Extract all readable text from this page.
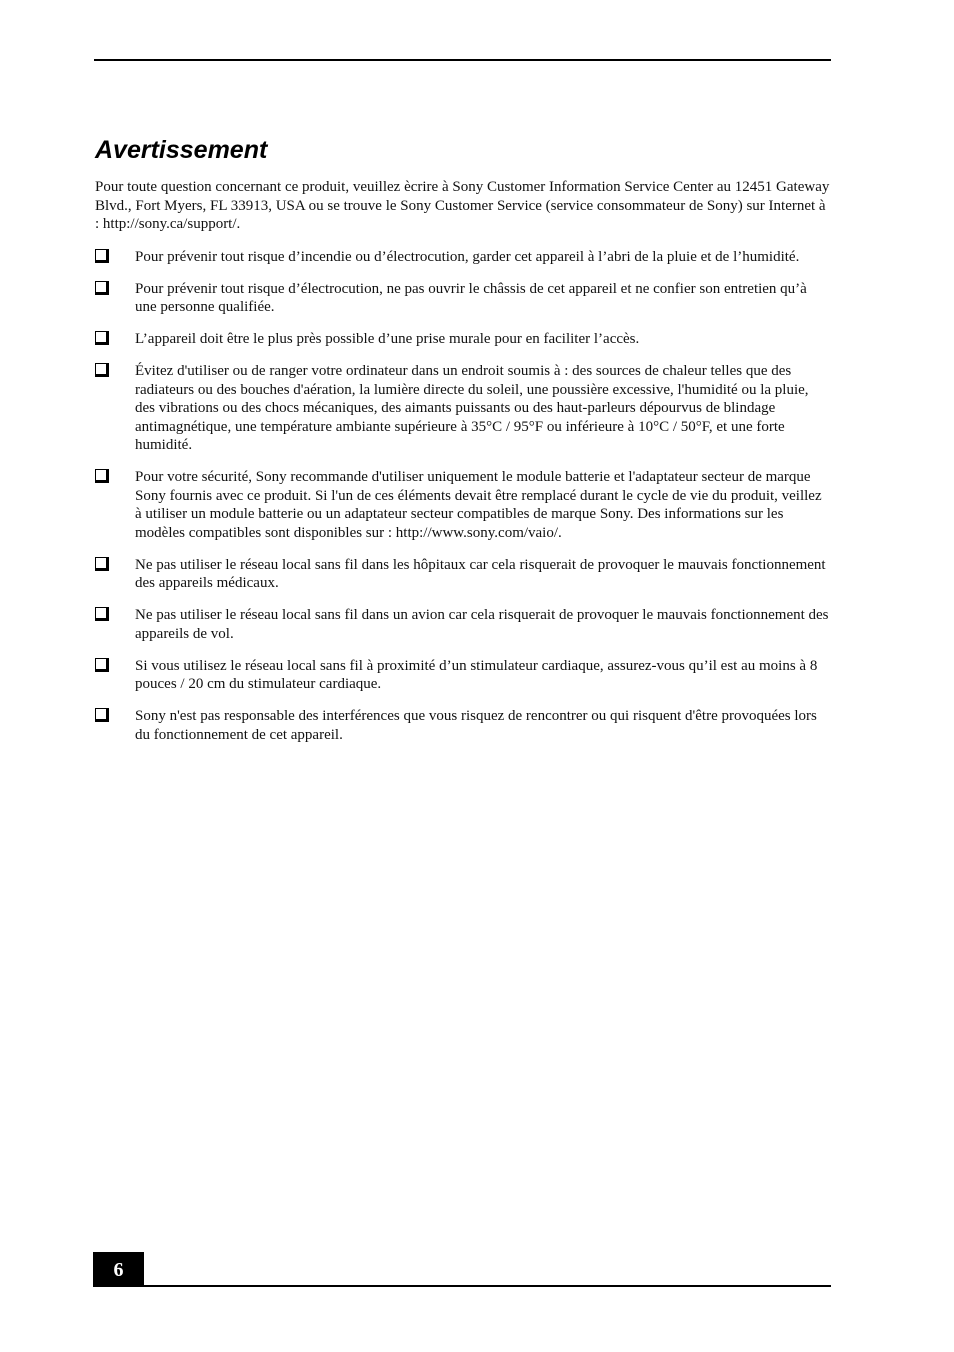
Avertissement

Pour toute question concernant ce produit, veuillez ècrire à Sony Customer Information Service Center au 12451 Gateway Blvd., Fort Myers, FL 33913, USA ou se trouve le Sony Customer Service (service consommateur de Sony) sur Internet à : http://sony.ca/support/.

Pour prévenir tout risque d’incendie ou d’électrocution, garder cet appareil à l’abri de la pluie et de l’humidité.
Pour prévenir tout risque d’électrocution, ne pas ouvrir le châssis de cet appareil et ne confier son entretien qu’à une personne qualifiée.
L’appareil doit être le plus près possible d’une prise murale pour en faciliter l’accès.
Évitez d'utiliser ou de ranger votre ordinateur dans un endroit soumis à : des sources de chaleur telles que des radiateurs ou des bouches d'aération, la lumière directe du soleil, une poussière excessive, l'humidité ou la pluie, des vibrations ou des chocs mécaniques, des aimants puissants ou des haut-parleurs dépourvus de blindage antimagnétique, une température ambiante supérieure à 35°C / 95°F ou inférieure à 10°C / 50°F, et une forte humidité.
Pour votre sécurité, Sony recommande d'utiliser uniquement le module batterie et l'adaptateur secteur de marque Sony fournis avec ce produit. Si l'un de ces éléments devait être remplacé durant le cycle de vie du produit, veillez à utiliser un module batterie ou un adaptateur secteur compatibles de marque Sony. Des informations sur les modèles compatibles sont disponibles sur : http://www.sony.com/vaio/.
Ne pas utiliser le réseau local sans fil dans les hôpitaux car cela risquerait de provoquer le mauvais fonctionnement des appareils médicaux.
Ne pas utiliser le réseau local sans fil dans un avion car cela risquerait de provoquer le mauvais fonctionnement des appareils de vol.
Si vous utilisez le réseau local sans fil à proximité d’un stimulateur cardiaque, assurez-vous qu’il est au moins à 8 pouces / 20 cm du stimulateur cardiaque.
Sony n'est pas responsable des interférences que vous risquez de rencontrer ou qui risquent d'être provoquées lors du fonctionnement de cet appareil.
6
